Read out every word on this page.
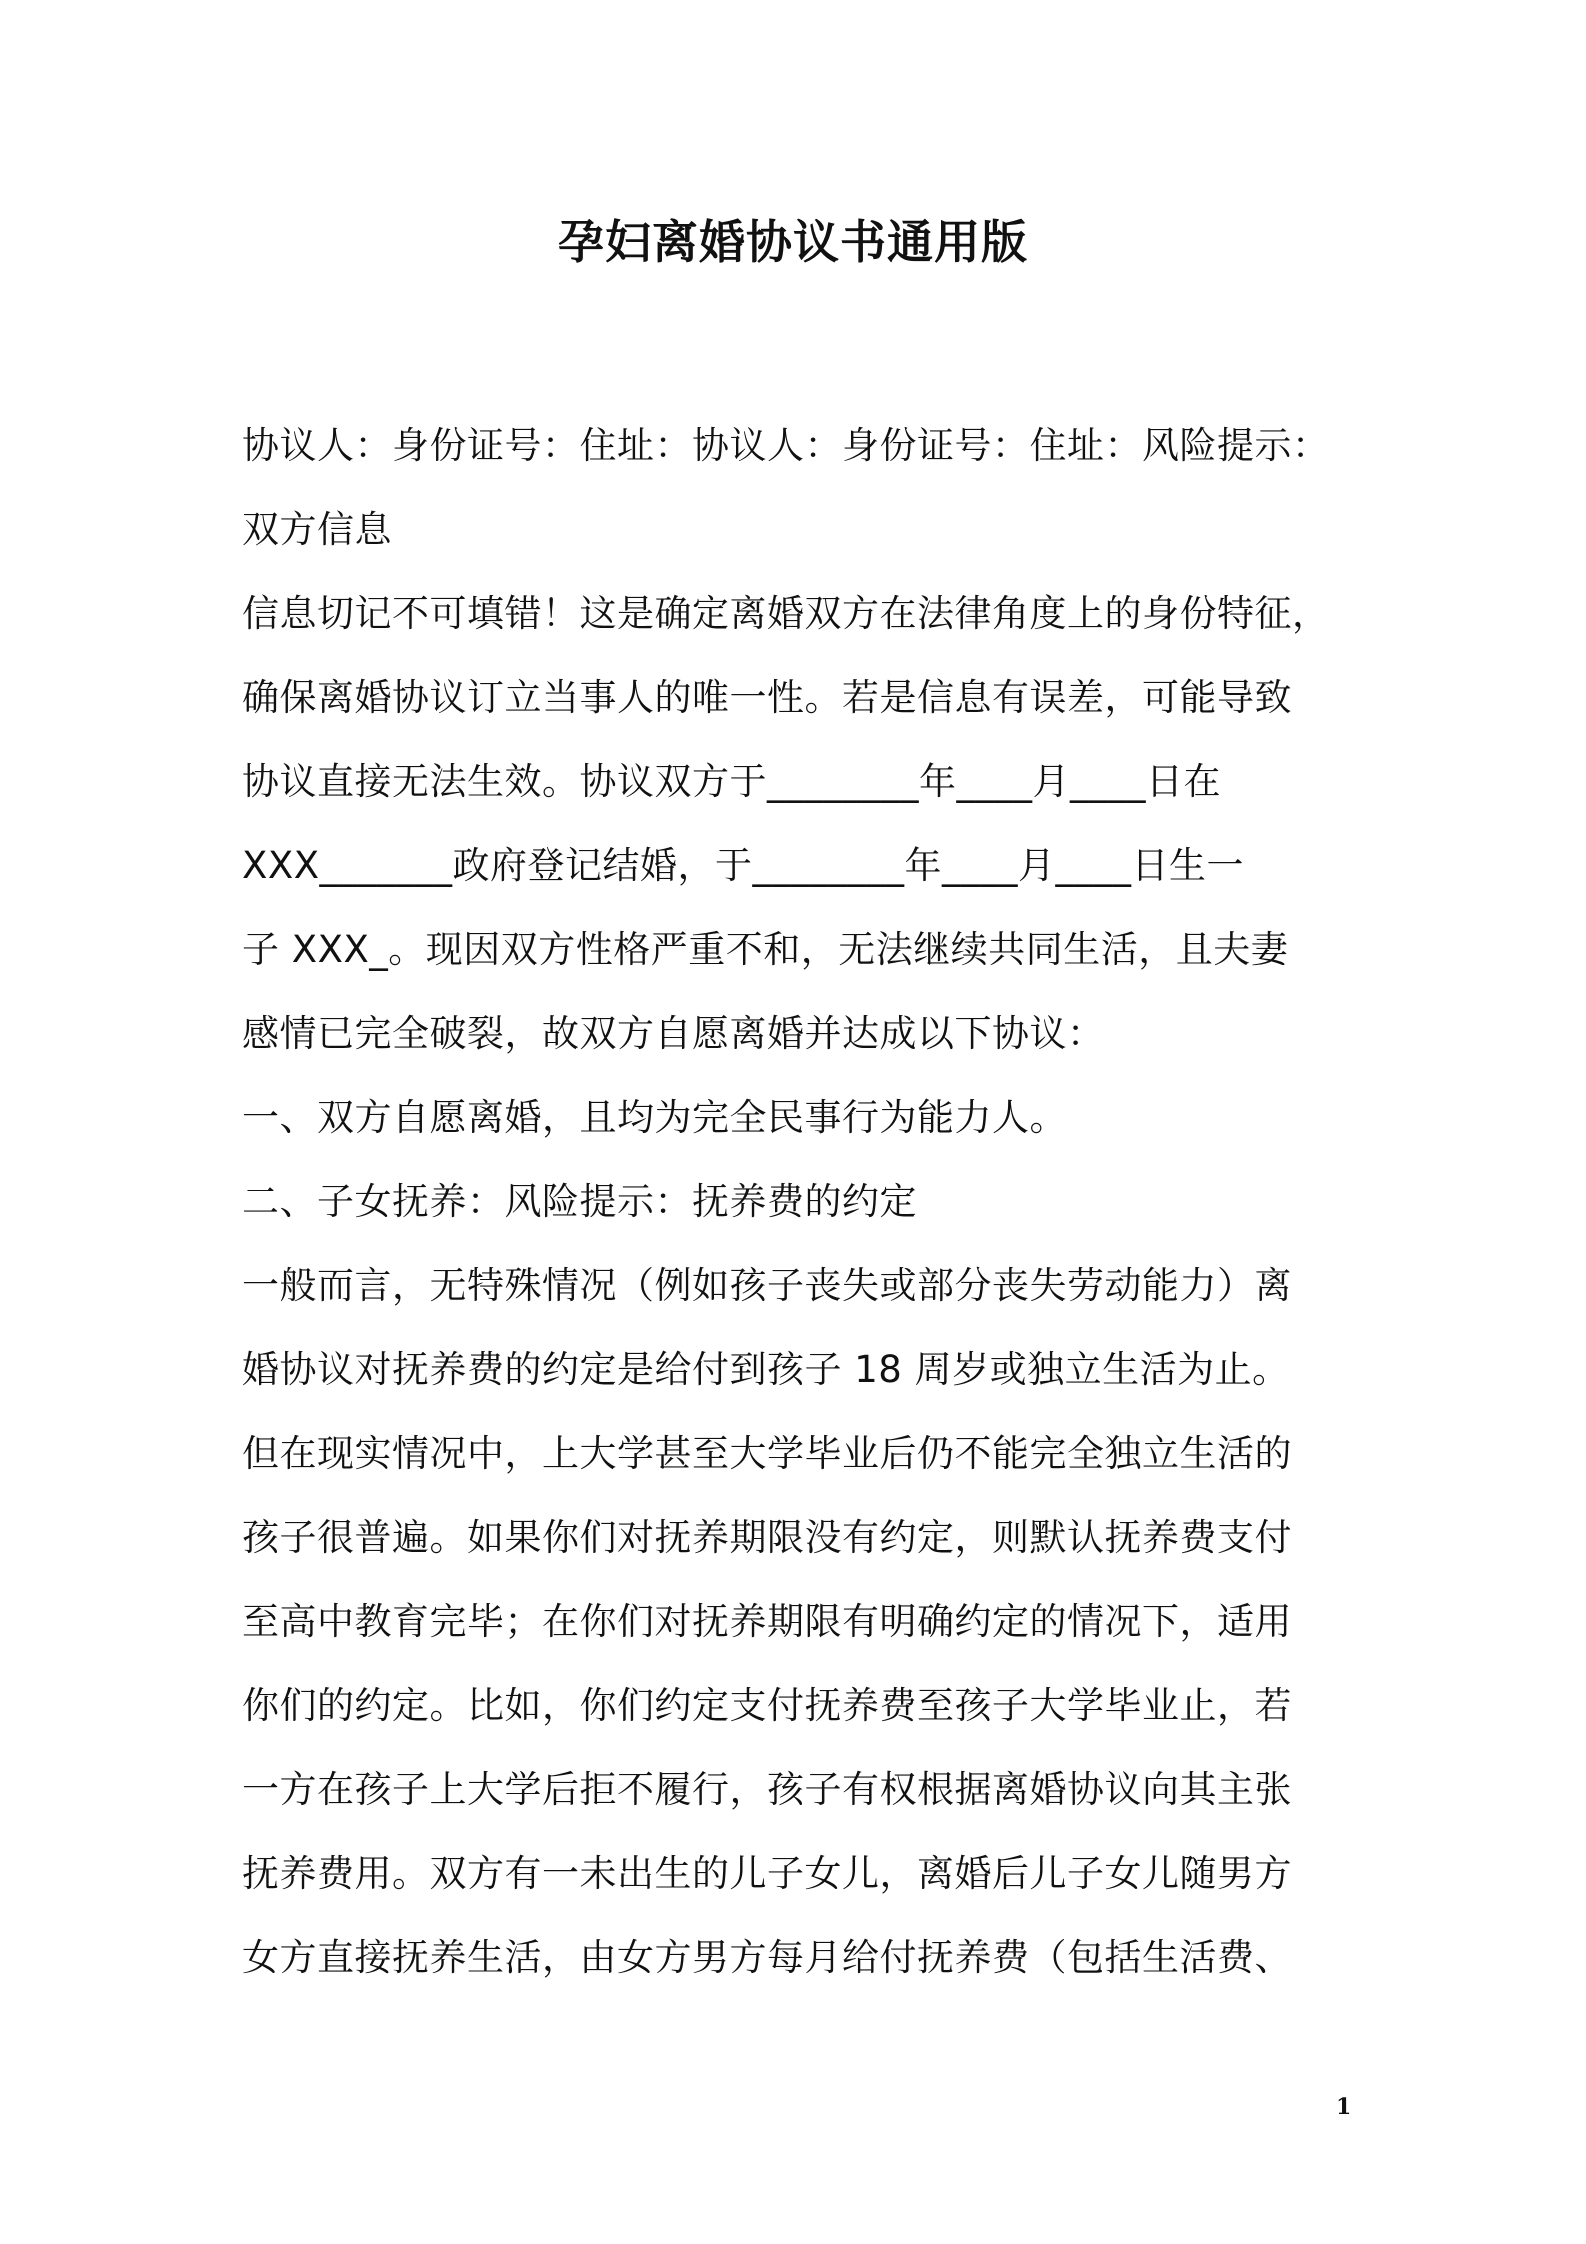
孕妇离婚协议书通用版
协议人：身份证号：住址：协议人：身份证号：住址：风险提示：
双方信息
信息切记不可填错！这是确定离婚双方在法律角度上的身份特征，
确保离婚协议订立当事人的唯一性。若是信息有误差，可能导致
协议直接无法生效。协议双方于________年____月____日在
XXX_______政府登记结婚，于________年____月____日生一
子 XXX_。现因双方性格严重不和，无法继续共同生活，且夫妻
感情已完全破裂，故双方自愿离婚并达成以下协议：
一、双方自愿离婚，且均为完全民事行为能力人。
二、子女抚养：风险提示：抚养费的约定
一般而言，无特殊情况（例如孩子丧失或部分丧失劳动能力）离
婚协议对抚养费的约定是给付到孩子 18 周岁或独立生活为止。
但在现实情况中，上大学甚至大学毕业后仍不能完全独立生活的
孩子很普遍。如果你们对抚养期限没有约定，则默认抚养费支付
至高中教育完毕；在你们对抚养期限有明确约定的情况下，适用
你们的约定。比如，你们约定支付抚养费至孩子大学毕业止，若
一方在孩子上大学后拒不履行，孩子有权根据离婚协议向其主张
抚养费用。双方有一未出生的儿子女儿，离婚后儿子女儿随男方
女方直接抚养生活，由女方男方每月给付抚养费（包括生活费、
1
